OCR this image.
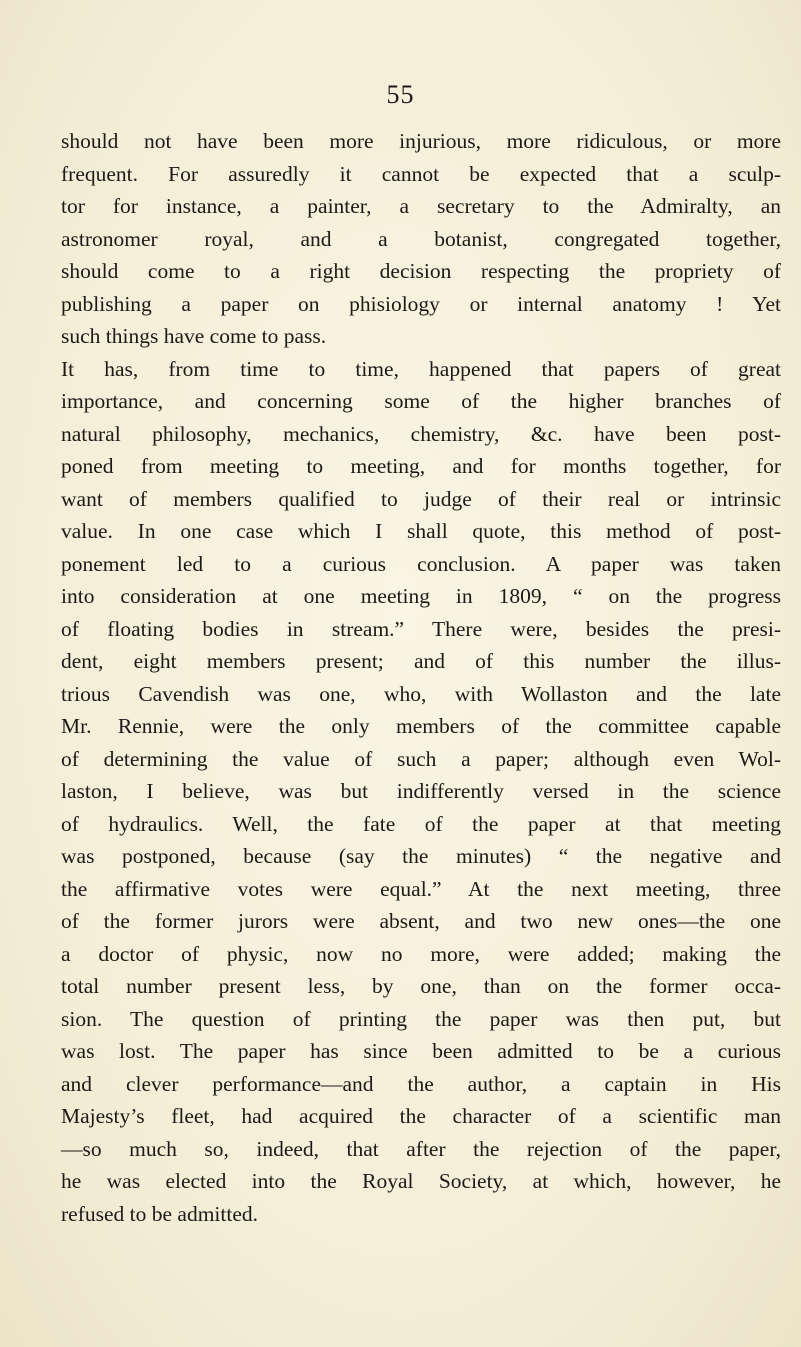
55
should not have been more injurious, more ridiculous, or more
frequent. For assuredly it cannot be expected that a sculp-
tor for instance, a painter, a secretary to the Admiralty, an
astronomer royal, and a botanist, congregated together,
should come to a right decision respecting the propriety of
publishing a paper on phisiology or internal anatomy ! Yet
such things have come to pass.
It has, from time to time, happened that papers of great
importance, and concerning some of the higher branches of
natural philosophy, mechanics, chemistry, &c. have been post-
poned from meeting to meeting, and for months together, for
want of members qualified to judge of their real or intrinsic
value. In one case which I shall quote, this method of post-
ponement led to a curious conclusion. A paper was taken
into consideration at one meeting in 1809, “ on the progress
of floating bodies in stream.” There were, besides the presi-
dent, eight members present; and of this number the illus-
trious Cavendish was one, who, with Wollaston and the late
Mr. Rennie, were the only members of the committee capable
of determining the value of such a paper; although even Wol-
laston, I believe, was but indifferently versed in the science
of hydraulics. Well, the fate of the paper at that meeting
was postponed, because (say the minutes) “ the negative and
the affirmative votes were equal.” At the next meeting, three
of the former jurors were absent, and two new ones—the one
a doctor of physic, now no more, were added; making the
total number present less, by one, than on the former occa-
sion. The question of printing the paper was then put, but
was lost. The paper has since been admitted to be a curious
and clever performance—and the author, a captain in His
Majesty’s fleet, had acquired the character of a scientific man
—so much so, indeed, that after the rejection of the paper,
he was elected into the Royal Society, at which, however, he
refused to be admitted.
